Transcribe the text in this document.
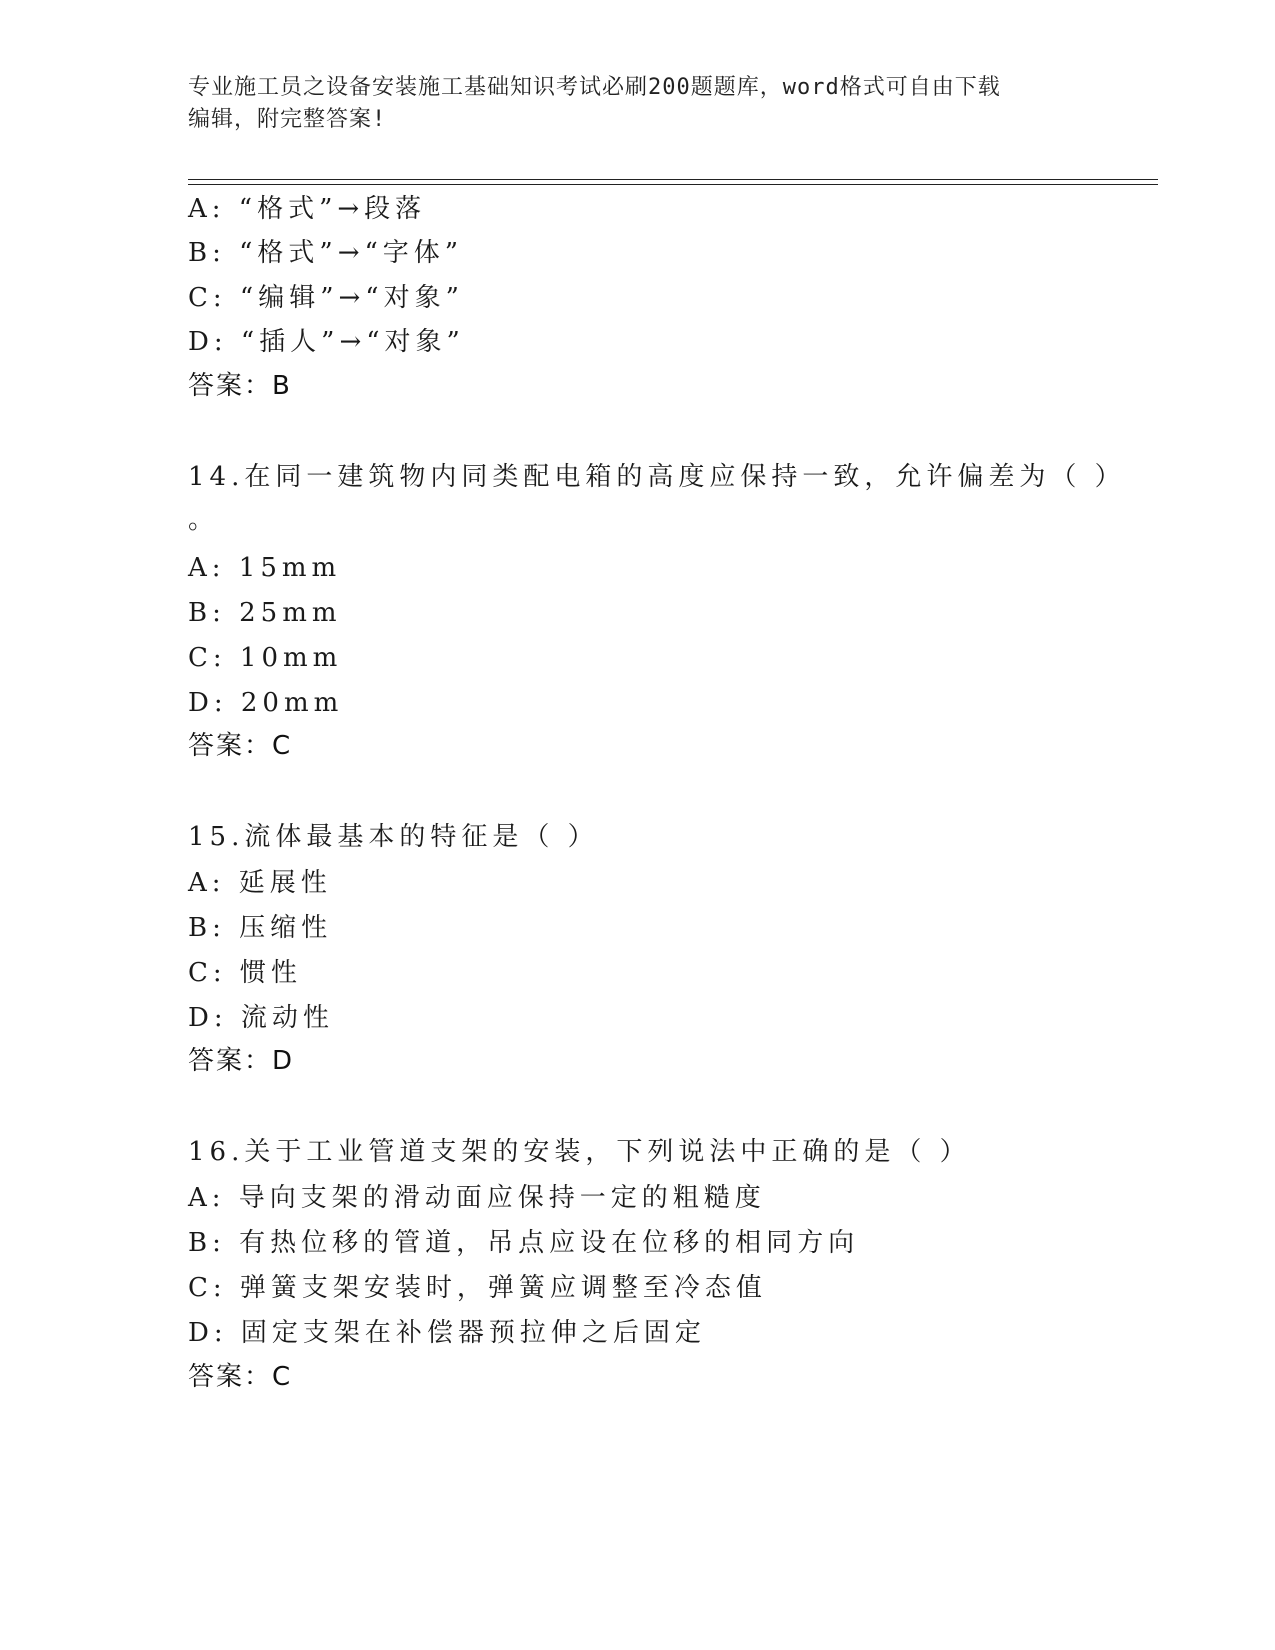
专业施工员之设备安装施工基础知识考试必刷200题题库，word格式可自由下载
编辑，附完整答案!
A: “格式”→段落
B: “格式”→“字体”
C: “编辑”→“对象”
D: “插人”→“对象”
答案：B
14.在同一建筑物内同类配电箱的高度应保持一致，允许偏差为（ ）
。
A: 15mm
B: 25mm
C: 10mm
D: 20mm
答案：C
15.流体最基本的特征是（ ）
A: 延展性
B: 压缩性
C: 惯性
D: 流动性
答案：D
16.关于工业管道支架的安装，下列说法中正确的是（ ）
A: 导向支架的滑动面应保持一定的粗糙度
B: 有热位移的管道，吊点应设在位移的相同方向
C: 弹簧支架安装时，弹簧应调整至冷态值
D: 固定支架在补偿器预拉伸之后固定
答案：C
